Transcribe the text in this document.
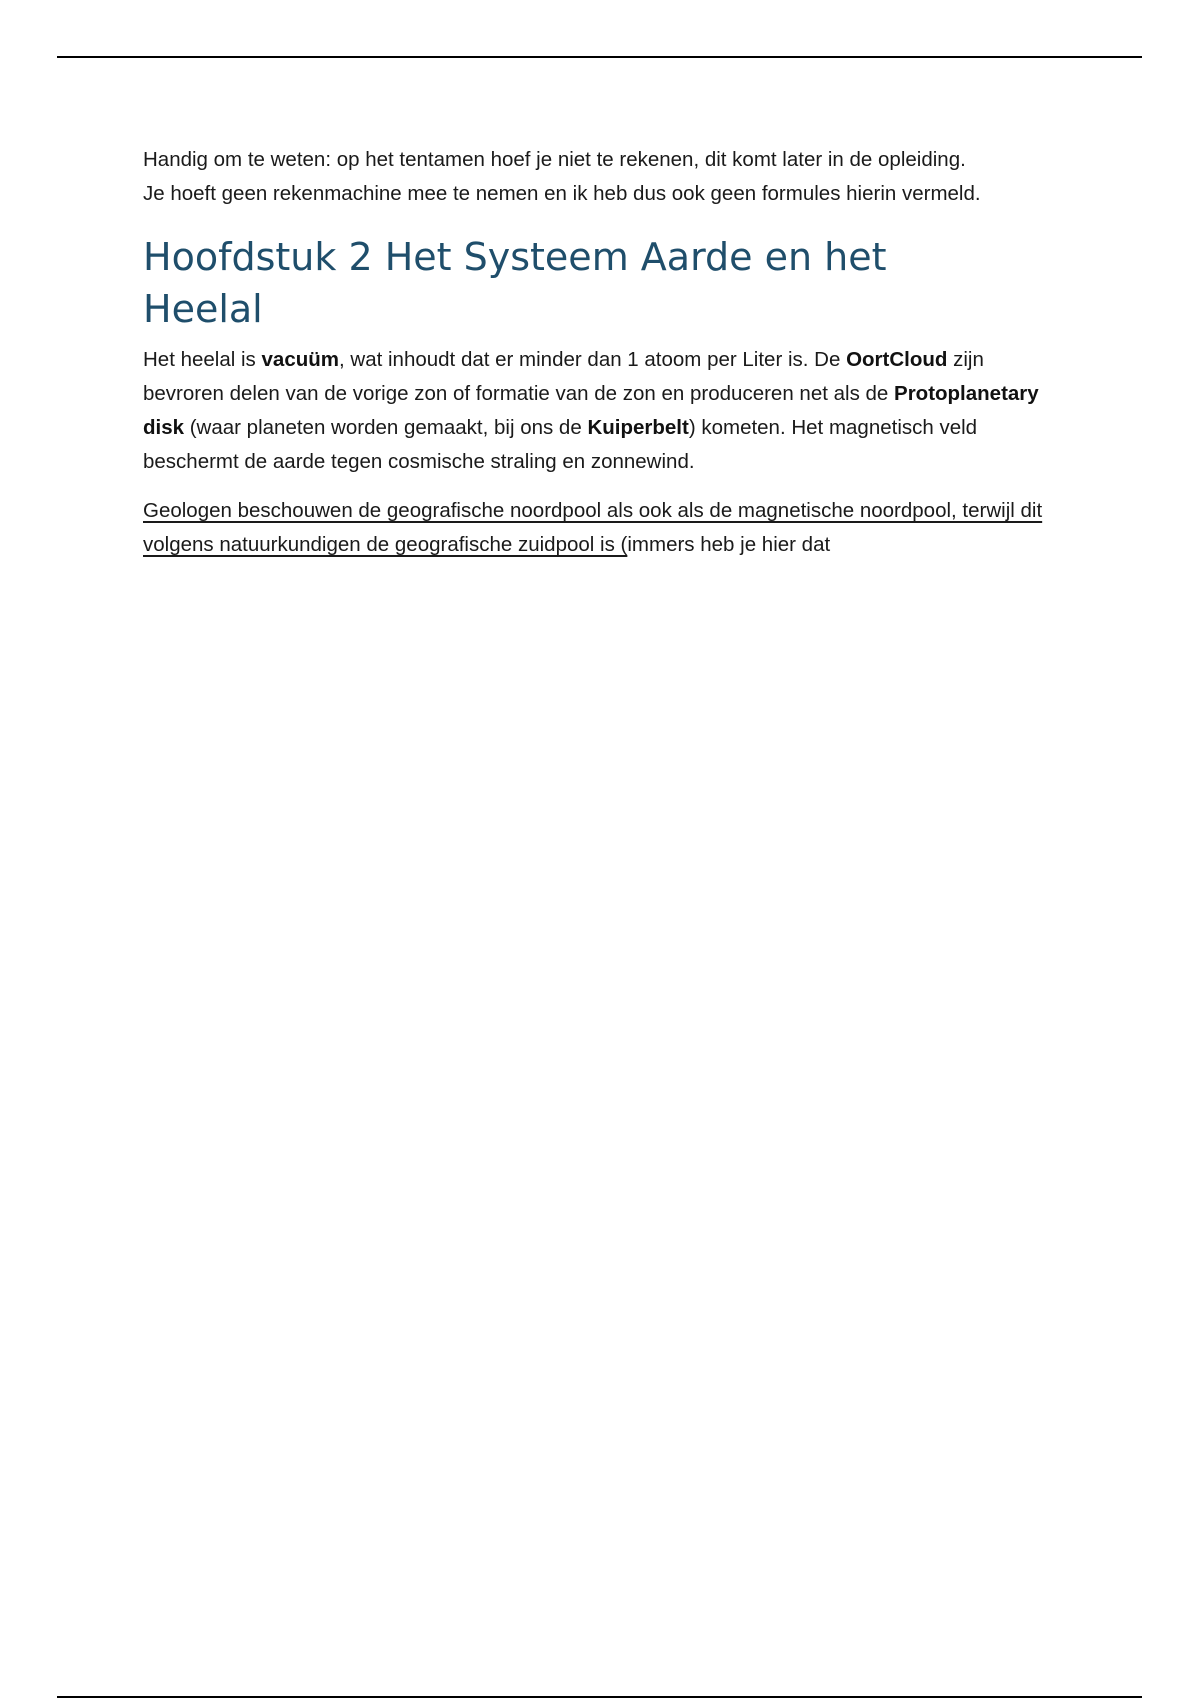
Handig om te weten: op het tentamen hoef je niet te rekenen, dit komt later in de opleiding.
Je hoeft geen rekenmachine mee te nemen en ik heb dus ook geen formules hierin vermeld.

Hoofdstuk 2 Het Systeem Aarde en het
Heelal

Het heelal is vacuüm, wat inhoudt dat er minder dan 1 atoom per Liter is. De OortCloud zijn bevroren delen van de vorige zon of formatie van de zon en produceren net als de Protoplanetary disk (waar planeten worden gemaakt, bij ons de Kuiperbelt) kometen. Het magnetisch veld beschermt de aarde tegen cosmische straling en zonnewind.

Geologen beschouwen de geografische noordpool als ook als de magnetische noordpool, terwijl dit volgens natuurkundigen de geografische zuidpool is (immers heb je hier dat
